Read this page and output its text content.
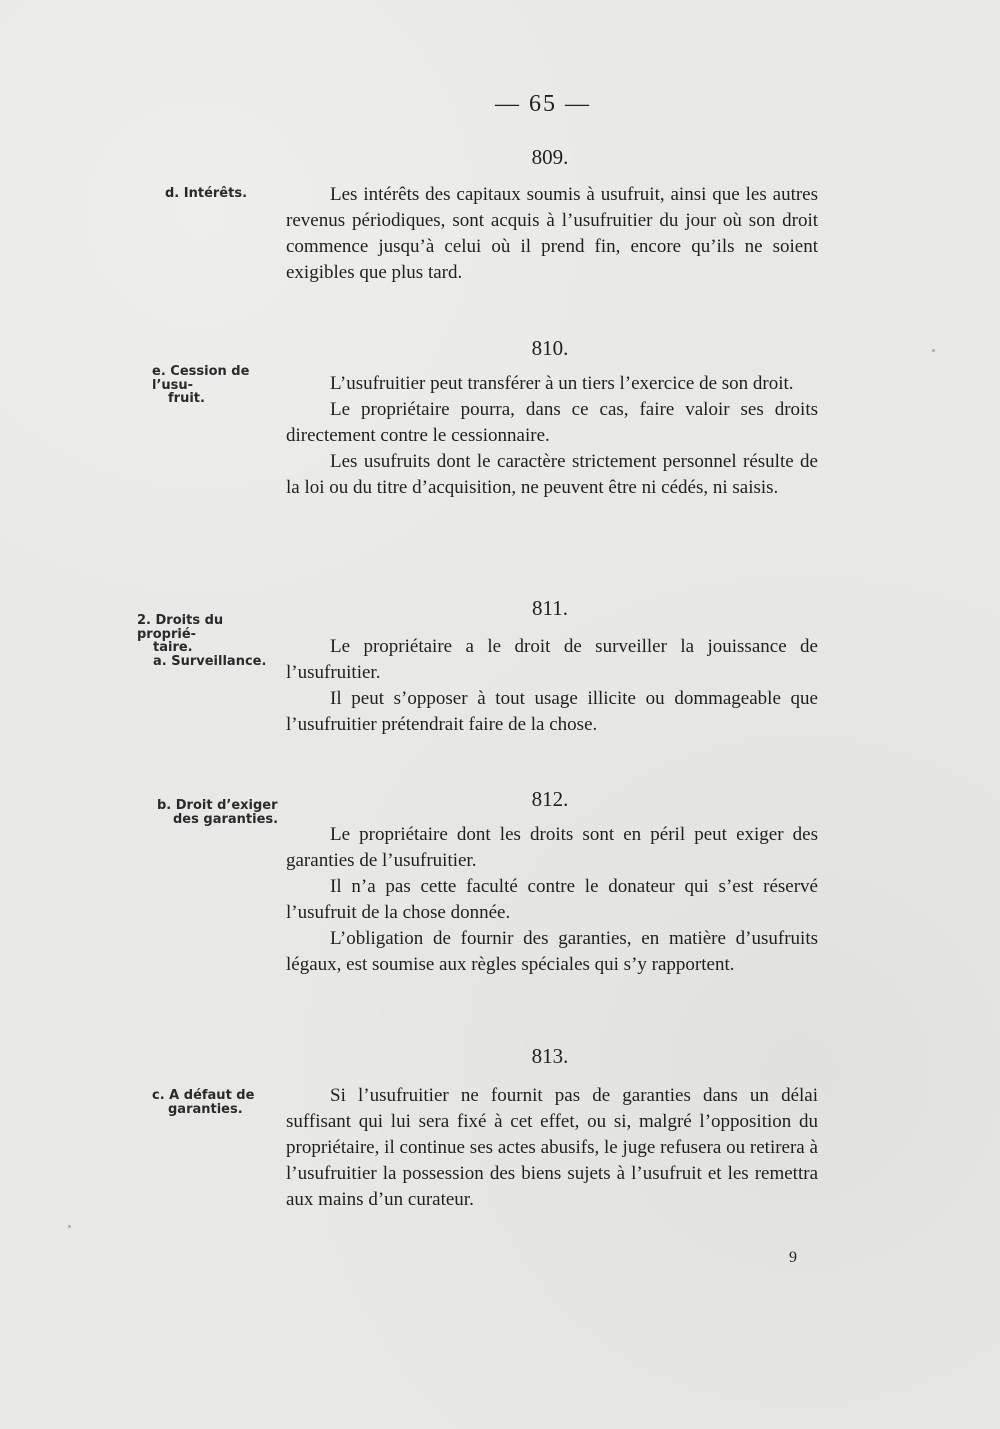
— 65 —
809.
d. Intérêts.	Les intérêts des capitaux soumis à usufruit, ainsi que les autres revenus périodiques, sont acquis à l’usufruitier du jour où son droit commence jusqu’à celui où il prend fin, encore qu’ils ne soient exigibles que plus tard.

810.
e. Cession de l’usu-
fruit.

L’usufruitier peut transférer à un tiers l’exercice de son droit.

Le propriétaire pourra, dans ce cas, faire valoir ses droits directement contre le cessionnaire.

Les usufruits dont le caractère strictement personnel résulte de la loi ou du titre d’acquisition, ne peuvent être ni cédés, ni saisis.

811.
2. Droits du proprié-
taire.
a. Surveillance.

Le propriétaire a le droit de surveiller la jouissance de l’usufruitier.

Il peut s’opposer à tout usage illicite ou dommageable que l’usufruitier prétendrait faire de la chose.

812.
b. Droit d’exiger
des garanties.

Le propriétaire dont les droits sont en péril peut exiger des garanties de l’usufruitier.

Il n’a pas cette faculté contre le donateur qui s’est réservé l’usufruit de la chose donnée.

L’obligation de fournir des garanties, en matière d’usufruits légaux, est soumise aux règles spéciales qui s’y rapportent.

813.
c. A défaut de
garanties.

Si l’usufruitier ne fournit pas de garanties dans un délai suffisant qui lui sera fixé à cet effet, ou si, malgré l’opposition du propriétaire, il continue ses actes abusifs, le juge refusera ou retirera à l’usufruitier la possession des biens sujets à l’usufruit et les remettra aux mains d’un curateur.

9
